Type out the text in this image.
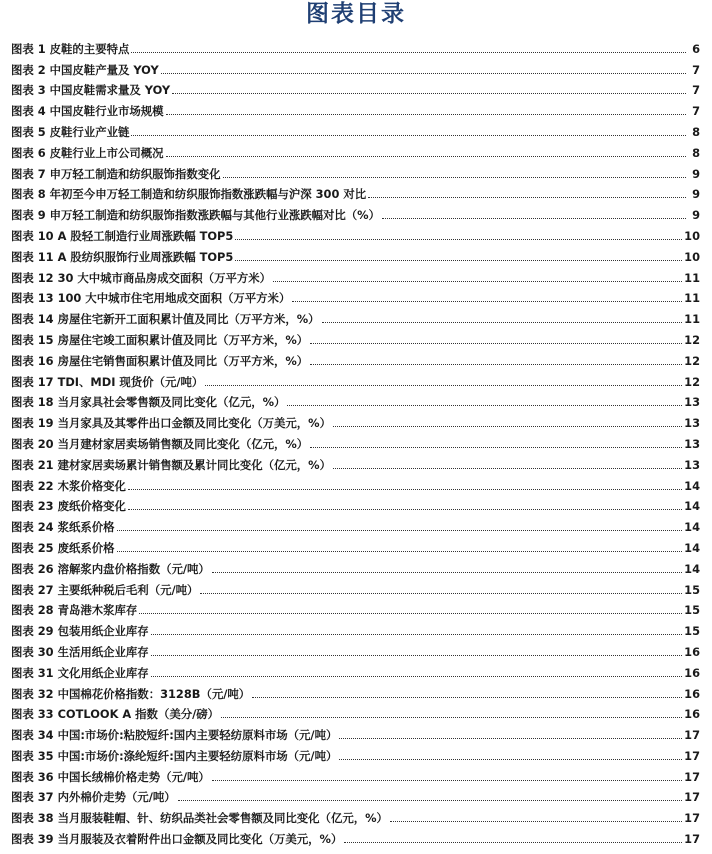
图表目录
图表 1 皮鞋的主要特点	6
图表 2 中国皮鞋产量及 YOY	7
图表 3 中国皮鞋需求量及 YOY	7
图表 4 中国皮鞋行业市场规模	7
图表 5 皮鞋行业产业链	8
图表 6 皮鞋行业上市公司概况	8
图表 7 申万轻工制造和纺织服饰指数变化	9
图表 8 年初至今申万轻工制造和纺织服饰指数涨跌幅与沪深 300 对比	9
图表 9 申万轻工制造和纺织服饰指数涨跌幅与其他行业涨跌幅对比（%）	9
图表 10 A 股轻工制造行业周涨跌幅 TOP5	10
图表 11 A 股纺织服饰行业周涨跌幅 TOP5	10
图表 12 30 大中城市商品房成交面积（万平方米）	11
图表 13 100 大中城市住宅用地成交面积（万平方米）	11
图表 14 房屋住宅新开工面积累计值及同比（万平方米，%）	11
图表 15 房屋住宅竣工面积累计值及同比（万平方米，%）	12
图表 16 房屋住宅销售面积累计值及同比（万平方米，%）	12
图表 17 TDI、MDI 现货价（元/吨）	12
图表 18 当月家具社会零售额及同比变化（亿元，%）	13
图表 19 当月家具及其零件出口金额及同比变化（万美元，%）	13
图表 20 当月建材家居卖场销售额及同比变化（亿元，%）	13
图表 21 建材家居卖场累计销售额及累计同比变化（亿元，%）	13
图表 22 木浆价格变化	14
图表 23 废纸价格变化	14
图表 24 浆纸系价格	14
图表 25 废纸系价格	14
图表 26 溶解浆内盘价格指数（元/吨）	14
图表 27 主要纸种税后毛利（元/吨）	15
图表 28 青岛港木浆库存	15
图表 29 包装用纸企业库存	15
图表 30 生活用纸企业库存	16
图表 31 文化用纸企业库存	16
图表 32 中国棉花价格指数：3128B（元/吨）	16
图表 33 COTLOOK A 指数（美分/磅）	16
图表 34 中国:市场价:粘胶短纤:国内主要轻纺原料市场（元/吨）	17
图表 35 中国:市场价:涤纶短纤:国内主要轻纺原料市场（元/吨）	17
图表 36 中国长绒棉价格走势（元/吨）	17
图表 37 内外棉价走势（元/吨）	17
图表 38 当月服装鞋帽、针、纺织品类社会零售额及同比变化（亿元，%）	17
图表 39 当月服装及衣着附件出口金额及同比变化（万美元，%）	17
